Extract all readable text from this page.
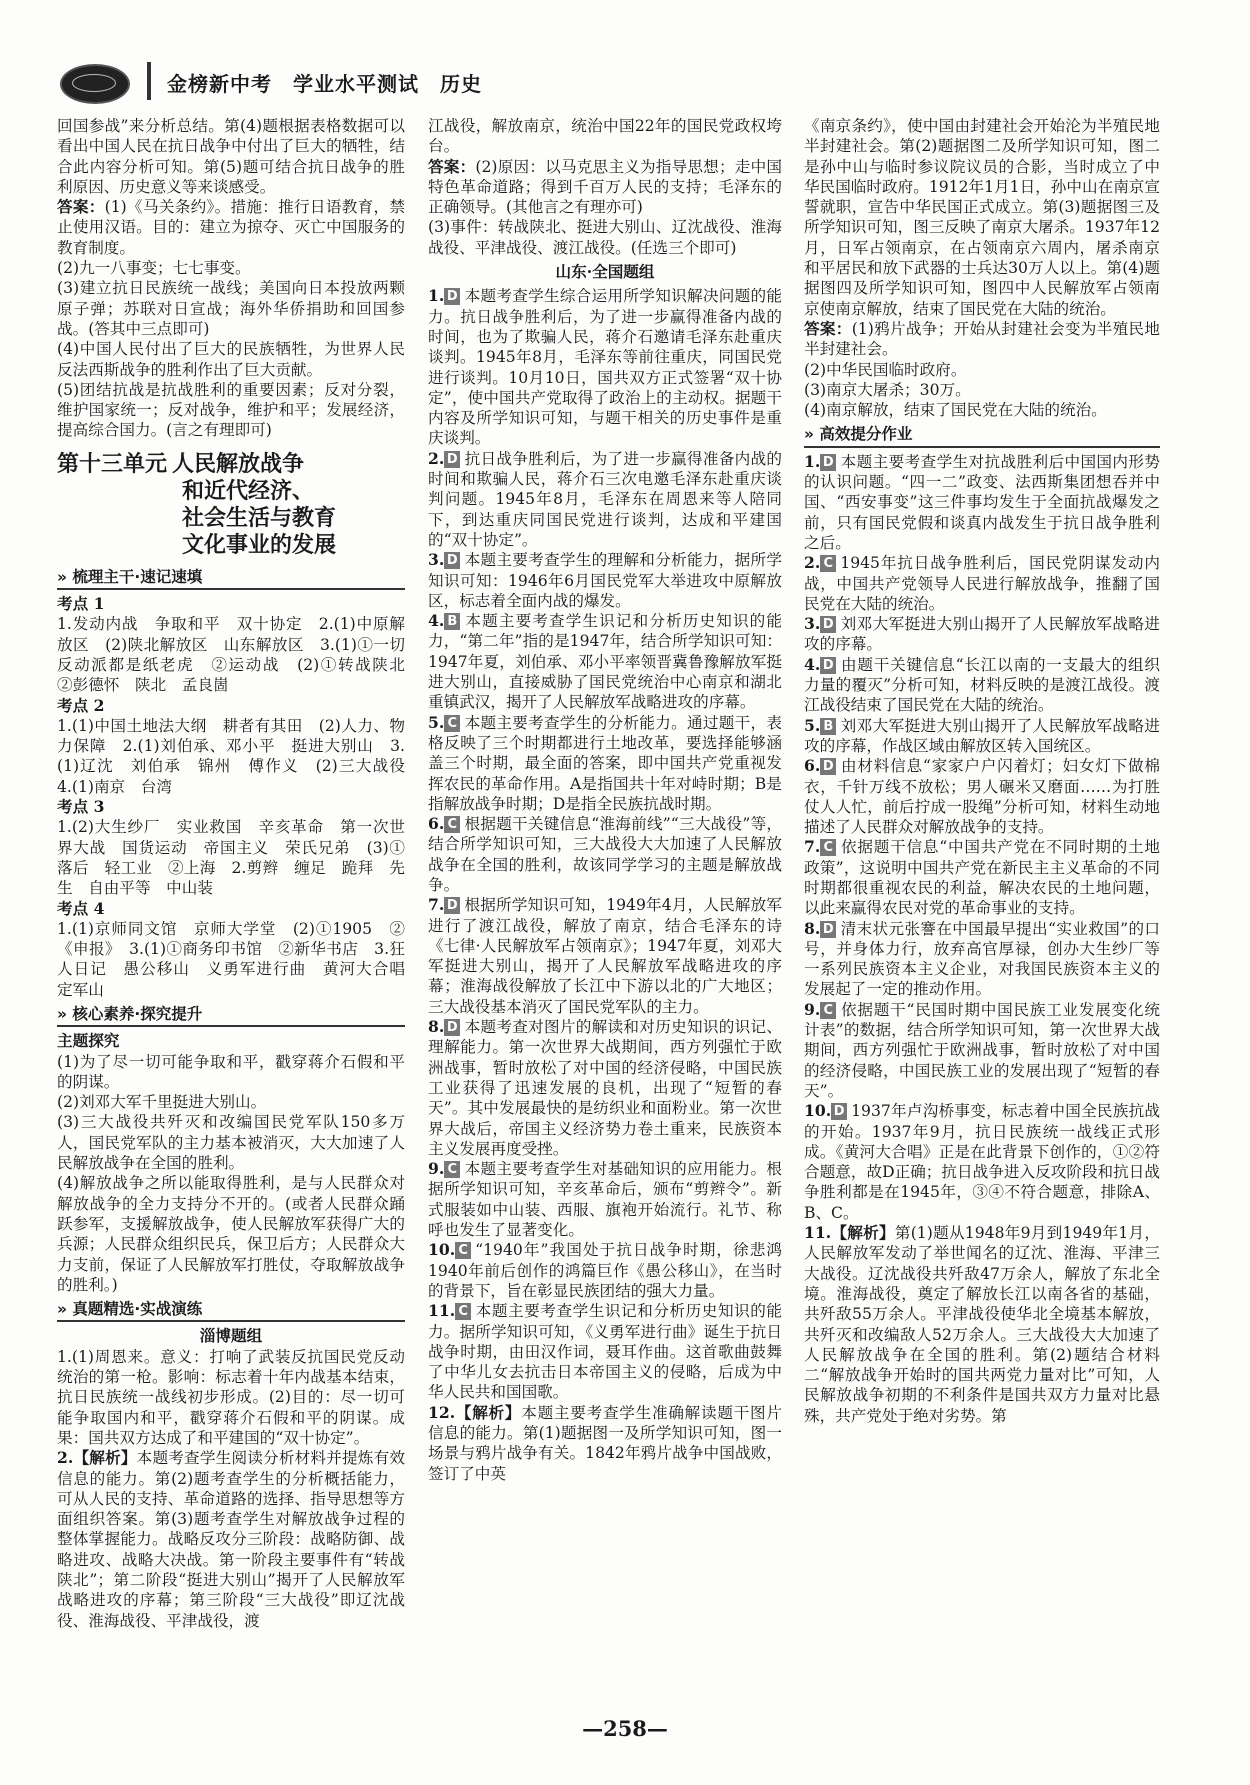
金榜新中考　学业水平测试　历史

回国参战”来分析总结。第(4)题根据表格数据可以看出中国人民在抗日战争中付出了巨大的牺牲，结合此内容分析可知。第(5)题可结合抗日战争的胜利原因、历史意义等来谈感受。

答案：(1)《马关条约》。措施：推行日语教育，禁止使用汉语。目的：建立为掠夺、灭亡中国服务的教育制度。

(2)九一八事变；七七事变。

(3)建立抗日民族统一战线；美国向日本投放两颗原子弹；苏联对日宣战；海外华侨捐助和回国参战。(答其中三点即可)

(4)中国人民付出了巨大的民族牺牲，为世界人民反法西斯战争的胜利作出了巨大贡献。

(5)团结抗战是抗战胜利的重要因素；反对分裂，维护国家统一；反对战争，维护和平；发展经济，提高综合国力。(言之有理即可)

第十三单元 人民解放战争
和近代经济、
社会生活与教育
文化事业的发展
» 梳理主干·速记速填

考点 1

1.发动内战　争取和平　双十协定　2.(1)中原解放区　(2)陕北解放区　山东解放区　3.(1)①一切反动派都是纸老虎　②运动战　(2)①转战陕北　②彭德怀　陕北　孟良崮

考点 2

1.(1)中国土地法大纲　耕者有其田　(2)人力、物力保障　2.(1)刘伯承、邓小平　挺进大别山　3.(1)辽沈　刘伯承　锦州　傅作义　(2)三大战役　4.(1)南京　台湾

考点 3

1.(2)大生纱厂　实业救国　辛亥革命　第一次世界大战　国货运动　帝国主义　荣氏兄弟　(3)①落后　轻工业　②上海　2.剪辫　缠足　跪拜　先生　自由平等　中山装

考点 4

1.(1)京师同文馆　京师大学堂　(2)①1905　②《申报》　3.(1)①商务印书馆　②新华书店　3.狂人日记　愚公移山　义勇军进行曲　黄河大合唱　定军山

» 核心素养·探究提升

主题探究

(1)为了尽一切可能争取和平，戳穿蒋介石假和平的阴谋。

(2)刘邓大军千里挺进大别山。

(3)三大战役共歼灭和改编国民党军队150多万人，国民党军队的主力基本被消灭，大大加速了人民解放战争在全国的胜利。

(4)解放战争之所以能取得胜利，是与人民群众对解放战争的全力支持分不开的。(或者人民群众踊跃参军，支援解放战争，使人民解放军获得广大的兵源；人民群众组织民兵，保卫后方；人民群众大力支前，保证了人民解放军打胜仗，夺取解放战争的胜利。)

» 真题精选·实战演练

淄博题组

1.(1)周恩来。意义：打响了武装反抗国民党反动统治的第一枪。影响：标志着十年内战基本结束，抗日民族统一战线初步形成。(2)目的：尽一切可能争取国内和平，戳穿蒋介石假和平的阴谋。成果：国共双方达成了和平建国的“双十协定”。

2.【解析】本题考查学生阅读分析材料并提炼有效信息的能力。第(2)题考查学生的分析概括能力，可从人民的支持、革命道路的选择、指导思想等方面组织答案。第(3)题考查学生对解放战争过程的整体掌握能力。战略反攻分三阶段：战略防御、战略进攻、战略大决战。第一阶段主要事件有“转战陕北”；第二阶段“挺进大别山”揭开了人民解放军战略进攻的序幕；第三阶段“三大战役”即辽沈战役、淮海战役、平津战役，渡

江战役，解放南京，统治中国22年的国民党政权垮台。

答案：(2)原因：以马克思主义为指导思想；走中国特色革命道路；得到千百万人民的支持；毛泽东的正确领导。(其他言之有理亦可)

(3)事件：转战陕北、挺进大别山、辽沈战役、淮海战役、平津战役、渡江战役。(任选三个即可)

山东·全国题组

1. D 本题考查学生综合运用所学知识解决问题的能力。抗日战争胜利后，为了进一步赢得准备内战的时间，也为了欺骗人民，蒋介石邀请毛泽东赴重庆谈判。1945年8月，毛泽东等前往重庆，同国民党进行谈判。10月10日，国共双方正式签署“双十协定”，使中国共产党取得了政治上的主动权。据题干内容及所学知识可知，与题干相关的历史事件是重庆谈判。

2. D 抗日战争胜利后，为了进一步赢得准备内战的时间和欺骗人民，蒋介石三次电邀毛泽东赴重庆谈判问题。1945年8月，毛泽东在周恩来等人陪同下，到达重庆同国民党进行谈判，达成和平建国的“双十协定”。

3. D 本题主要考查学生的理解和分析能力，据所学知识可知：1946年6月国民党军大举进攻中原解放区，标志着全面内战的爆发。

4. B 本题主要考查学生识记和分析历史知识的能力，“第二年”指的是1947年，结合所学知识可知：1947年夏，刘伯承、邓小平率领晋冀鲁豫解放军挺进大别山，直接威胁了国民党统治中心南京和湖北重镇武汉，揭开了人民解放军战略进攻的序幕。

5. C 本题主要考查学生的分析能力。通过题干，表格反映了三个时期都进行土地改革，要选择能够涵盖三个时期，最全面的答案，即中国共产党重视发挥农民的革命作用。A是指国共十年对峙时期；B是指解放战争时期；D是指全民族抗战时期。

6. C 根据题干关键信息“淮海前线”“三大战役”等，结合所学知识可知，三大战役大大加速了人民解放战争在全国的胜利，故该同学学习的主题是解放战争。

7. D 根据所学知识可知，1949年4月，人民解放军进行了渡江战役，解放了南京，结合毛泽东的诗《七律·人民解放军占领南京》；1947年夏，刘邓大军挺进大别山，揭开了人民解放军战略进攻的序幕；淮海战役解放了长江中下游以北的广大地区；三大战役基本消灭了国民党军队的主力。

8. D 本题考查对图片的解读和对历史知识的识记、理解能力。第一次世界大战期间，西方列强忙于欧洲战事，暂时放松了对中国的经济侵略，中国民族工业获得了迅速发展的良机，出现了“短暂的春天”。其中发展最快的是纺织业和面粉业。第一次世界大战后，帝国主义经济势力卷土重来，民族资本主义发展再度受挫。

9. C 本题主要考查学生对基础知识的应用能力。根据所学知识可知，辛亥革命后，颁布“剪辫令”。新式服装如中山装、西服、旗袍开始流行。礼节、称呼也发生了显著变化。

10. C “1940年”我国处于抗日战争时期，徐悲鸿1940年前后创作的鸿篇巨作《愚公移山》，在当时的背景下，旨在彰显民族团结的强大力量。

11. C 本题主要考查学生识记和分析历史知识的能力。据所学知识可知，《义勇军进行曲》诞生于抗日战争时期，由田汉作词，聂耳作曲。这首歌曲鼓舞了中华儿女去抗击日本帝国主义的侵略，后成为中华人民共和国国歌。

12.【解析】本题主要考查学生准确解读题干图片信息的能力。第(1)题据图一及所学知识可知，图一场景与鸦片战争有关。1842年鸦片战争中国战败，签订了中英

《南京条约》，使中国由封建社会开始沦为半殖民地半封建社会。第(2)题据图二及所学知识可知，图二是孙中山与临时参议院议员的合影，当时成立了中华民国临时政府。1912年1月1日，孙中山在南京宣誓就职，宣告中华民国正式成立。第(3)题据图三及所学知识可知，图三反映了南京大屠杀。1937年12月，日军占领南京，在占领南京六周内，屠杀南京和平居民和放下武器的士兵达30万人以上。第(4)题据图四及所学知识可知，图四中人民解放军占领南京使南京解放，结束了国民党在大陆的统治。

答案：(1)鸦片战争；开始从封建社会变为半殖民地半封建社会。

(2)中华民国临时政府。

(3)南京大屠杀；30万。

(4)南京解放，结束了国民党在大陆的统治。

» 高效提分作业

1. D 本题主要考查学生对抗战胜利后中国国内形势的认识问题。“四一二”政变、法西斯集团想吞并中国、“西安事变”这三件事均发生于全面抗战爆发之前，只有国民党假和谈真内战发生于抗日战争胜利之后。

2. C 1945年抗日战争胜利后，国民党阴谋发动内战，中国共产党领导人民进行解放战争，推翻了国民党在大陆的统治。

3. D 刘邓大军挺进大别山揭开了人民解放军战略进攻的序幕。

4. D 由题干关键信息“长江以南的一支最大的组织力量的覆灭”分析可知，材料反映的是渡江战役。渡江战役结束了国民党在大陆的统治。

5. B 刘邓大军挺进大别山揭开了人民解放军战略进攻的序幕，作战区域由解放区转入国统区。

6. D 由材料信息“家家户户闪着灯；妇女灯下做棉衣，千针万线不放松；男人碾米又磨面……为打胜仗人人忙，前后拧成一股绳”分析可知，材料生动地描述了人民群众对解放战争的支持。

7. C 依据题干信息“中国共产党在不同时期的土地政策”，这说明中国共产党在新民主主义革命的不同时期都很重视农民的利益，解决农民的土地问题，以此来赢得农民对党的革命事业的支持。

8. D 清末状元张謇在中国最早提出“实业救国”的口号，并身体力行，放弃高官厚禄，创办大生纱厂等一系列民族资本主义企业，对我国民族资本主义的发展起了一定的推动作用。

9. C 依据题干“民国时期中国民族工业发展变化统计表”的数据，结合所学知识可知，第一次世界大战期间，西方列强忙于欧洲战事，暂时放松了对中国的经济侵略，中国民族工业的发展出现了“短暂的春天”。

10. D 1937年卢沟桥事变，标志着中国全民族抗战的开始。1937年9月，抗日民族统一战线正式形成。《黄河大合唱》正是在此背景下创作的，①②符合题意，故D正确；抗日战争进入反攻阶段和抗日战争胜利都是在1945年，③④不符合题意，排除A、B、C。

11.【解析】第(1)题从1948年9月到1949年1月，人民解放军发动了举世闻名的辽沈、淮海、平津三大战役。辽沈战役共歼敌47万余人，解放了东北全境。淮海战役，奠定了解放长江以南各省的基础，共歼敌55万余人。平津战役使华北全境基本解放，共歼灭和改编敌人52万余人。三大战役大大加速了人民解放战争在全国的胜利。第(2)题结合材料二“解放战争开始时的国共两党力量对比”可知，人民解放战争初期的不利条件是国共双方力量对比悬殊，共产党处于绝对劣势。第

—258—
